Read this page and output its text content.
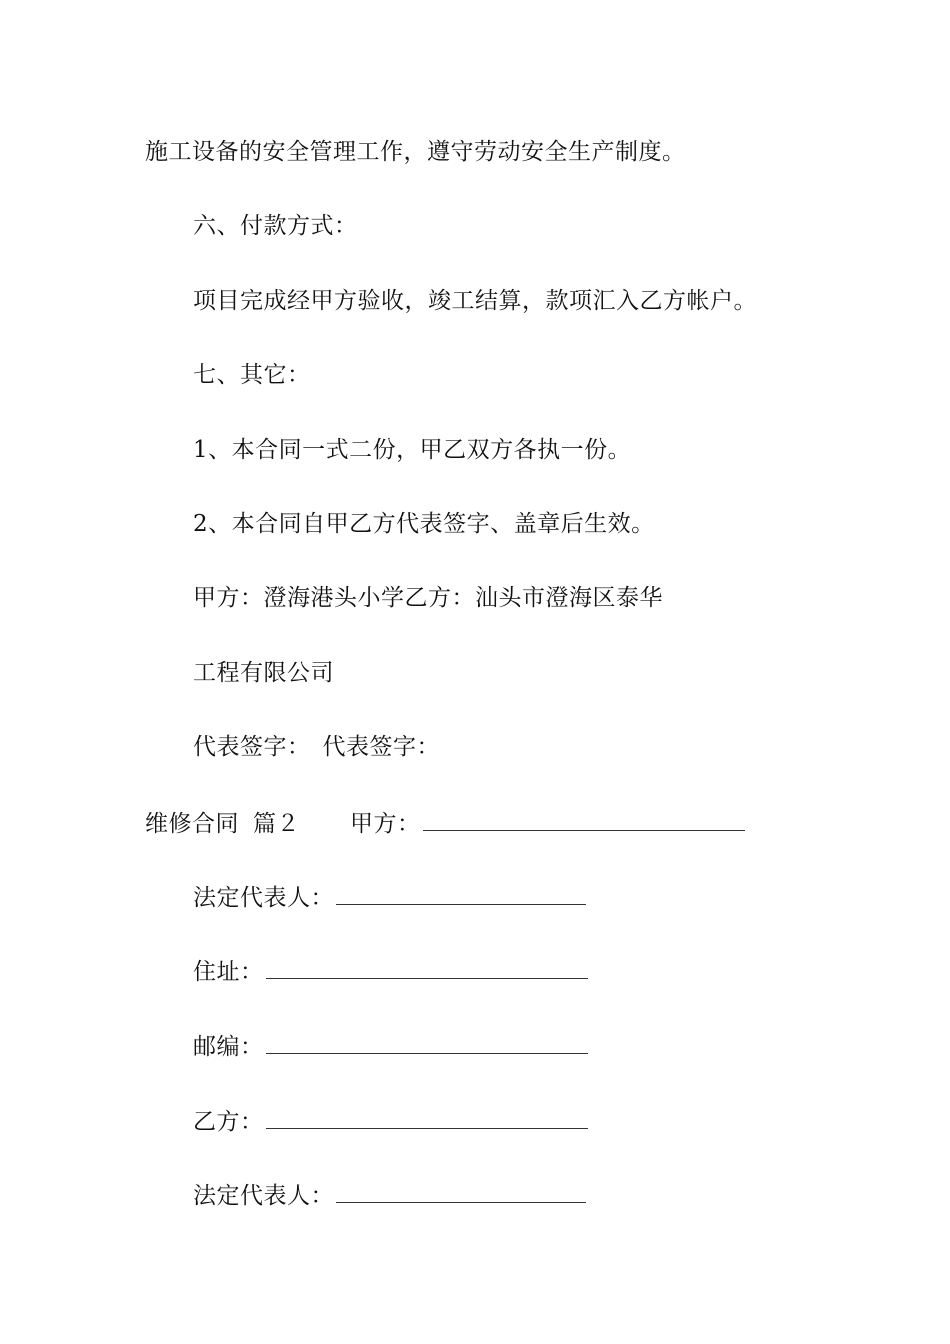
施工设备的安全管理工作，遵守劳动安全生产制度。
六、付款方式：
项目完成经甲方验收，竣工结算，款项汇入乙方帐户。
七、其它：
1、本合同一式二份，甲乙双方各执一份。
2、本合同自甲乙方代表签字、盖章后生效。
甲方：澄海港头小学乙方：汕头市澄海区泰华
工程有限公司
代表签字： 代表签字：
维修合同 篇２ 甲方：
法定代表人：
住址：
邮编：
乙方：
法定代表人：
